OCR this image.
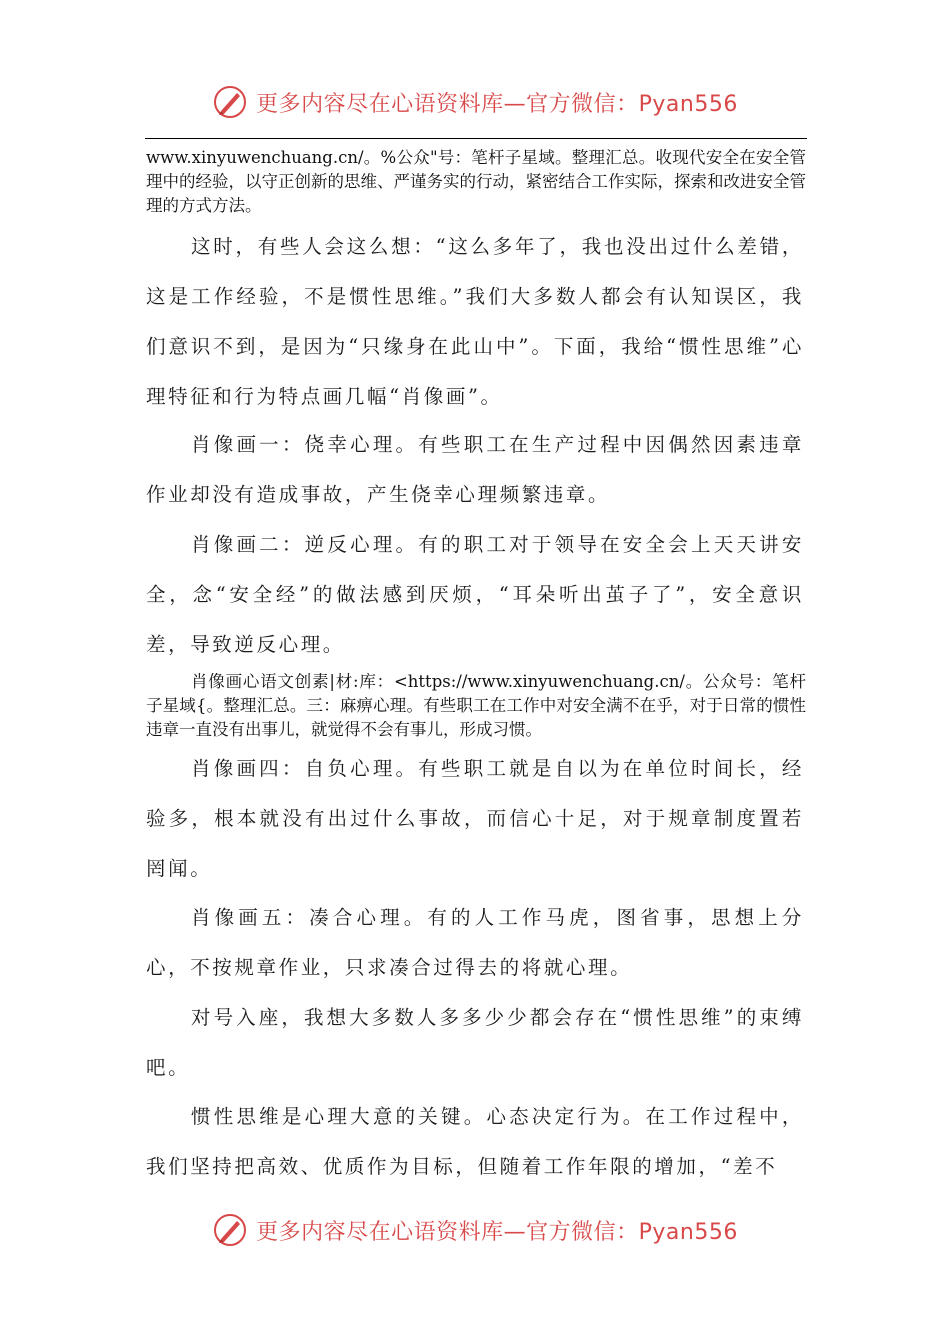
更多内容尽在心语资料库—官方微信：Pyan556

www.xinyuwenchuang.cn/。%公众"号：笔杆子星域。整理汇总。收现代安全在安全管理中的经验，以守正创新的思维、严谨务实的行动，紧密结合工作实际，探索和改进安全管理的方式方法。

这时，有些人会这么想：“这么多年了，我也没出过什么差错，这是工作经验，不是惯性思维。”我们大多数人都会有认知误区，我们意识不到，是因为“只缘身在此山中”。下面，我给“惯性思维”心理特征和行为特点画几幅“肖像画”。

肖像画一：侥幸心理。有些职工在生产过程中因偶然因素违章作业却没有造成事故，产生侥幸心理频繁违章。

肖像画二：逆反心理。有的职工对于领导在安全会上天天讲安全，念“安全经”的做法感到厌烦，“耳朵听出茧子了”，安全意识差，导致逆反心理。

肖像画心语文创素|材:库：<https://www.xinyuwenchuang.cn/。公众号：笔杆子星域{。整理汇总。三：麻痹心理。有些职工在工作中对安全满不在乎，对于日常的惯性违章一直没有出事儿，就觉得不会有事儿，形成习惯。

肖像画四：自负心理。有些职工就是自以为在单位时间长，经验多，根本就没有出过什么事故，而信心十足，对于规章制度置若罔闻。

肖像画五：凑合心理。有的人工作马虎，图省事，思想上分心，不按规章作业，只求凑合过得去的将就心理。

对号入座，我想大多数人多多少少都会存在“惯性思维”的束缚吧。

惯性思维是心理大意的关键。心态决定行为。在工作过程中，我们坚持把高效、优质作为目标，但随着工作年限的增加，“差不

更多内容尽在心语资料库—官方微信：Pyan556
